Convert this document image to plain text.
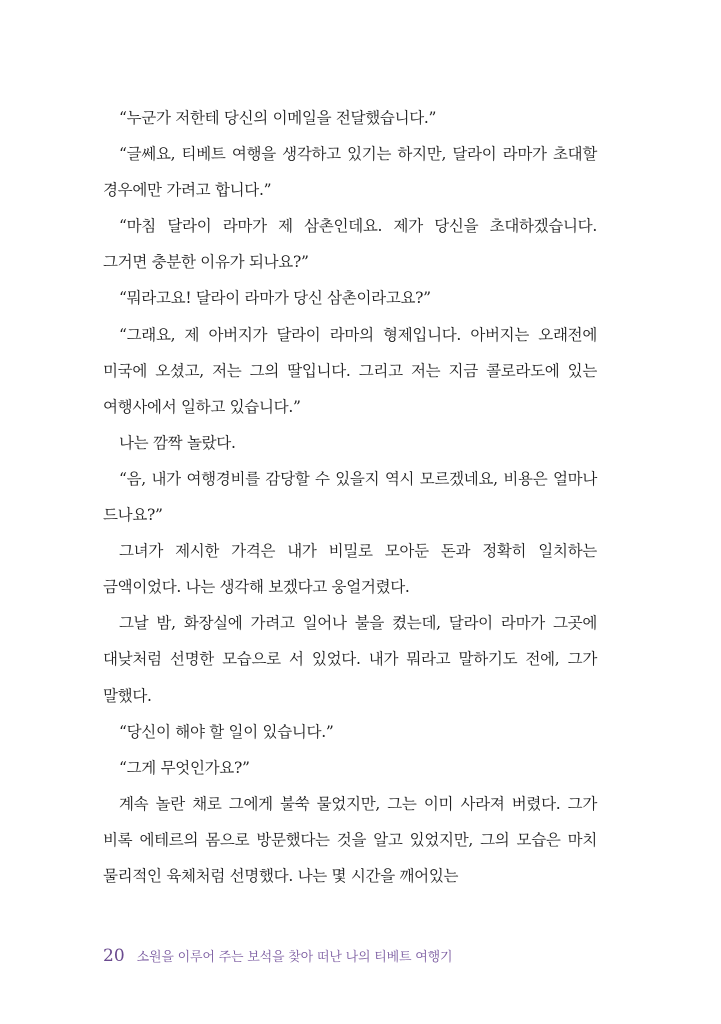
“누군가 저한테 당신의 이메일을 전달했습니다.”

“글쎄요, 티베트 여행을 생각하고 있기는 하지만, 달라이 라마가 초대할 경우에만 가려고 합니다.”

“마침 달라이 라마가 제 삼촌인데요. 제가 당신을 초대하겠습니다. 그거면 충분한 이유가 되나요?”

“뭐라고요! 달라이 라마가 당신 삼촌이라고요?”

“그래요, 제 아버지가 달라이 라마의 형제입니다. 아버지는 오래전에 미국에 오셨고, 저는 그의 딸입니다. 그리고 저는 지금 콜로라도에 있는 여행사에서 일하고 있습니다.”

나는 깜짝 놀랐다.

“음, 내가 여행경비를 감당할 수 있을지 역시 모르겠네요, 비용은 얼마나 드나요?”

그녀가 제시한 가격은 내가 비밀로 모아둔 돈과 정확히 일치하는 금액이었다. 나는 생각해 보겠다고 웅얼거렸다.

그날 밤, 화장실에 가려고 일어나 불을 켰는데, 달라이 라마가 그곳에 대낮처럼 선명한 모습으로 서 있었다. 내가 뭐라고 말하기도 전에, 그가 말했다.

“당신이 해야 할 일이 있습니다.”

“그게 무엇인가요?”

계속 놀란 채로 그에게 불쑥 물었지만, 그는 이미 사라져 버렸다. 그가 비록 에테르의 몸으로 방문했다는 것을 알고 있었지만, 그의 모습은 마치 물리적인 육체처럼 선명했다. 나는 몇 시간을 깨어있는

20 소원을 이루어 주는 보석을 찾아 떠난 나의 티베트 여행기
